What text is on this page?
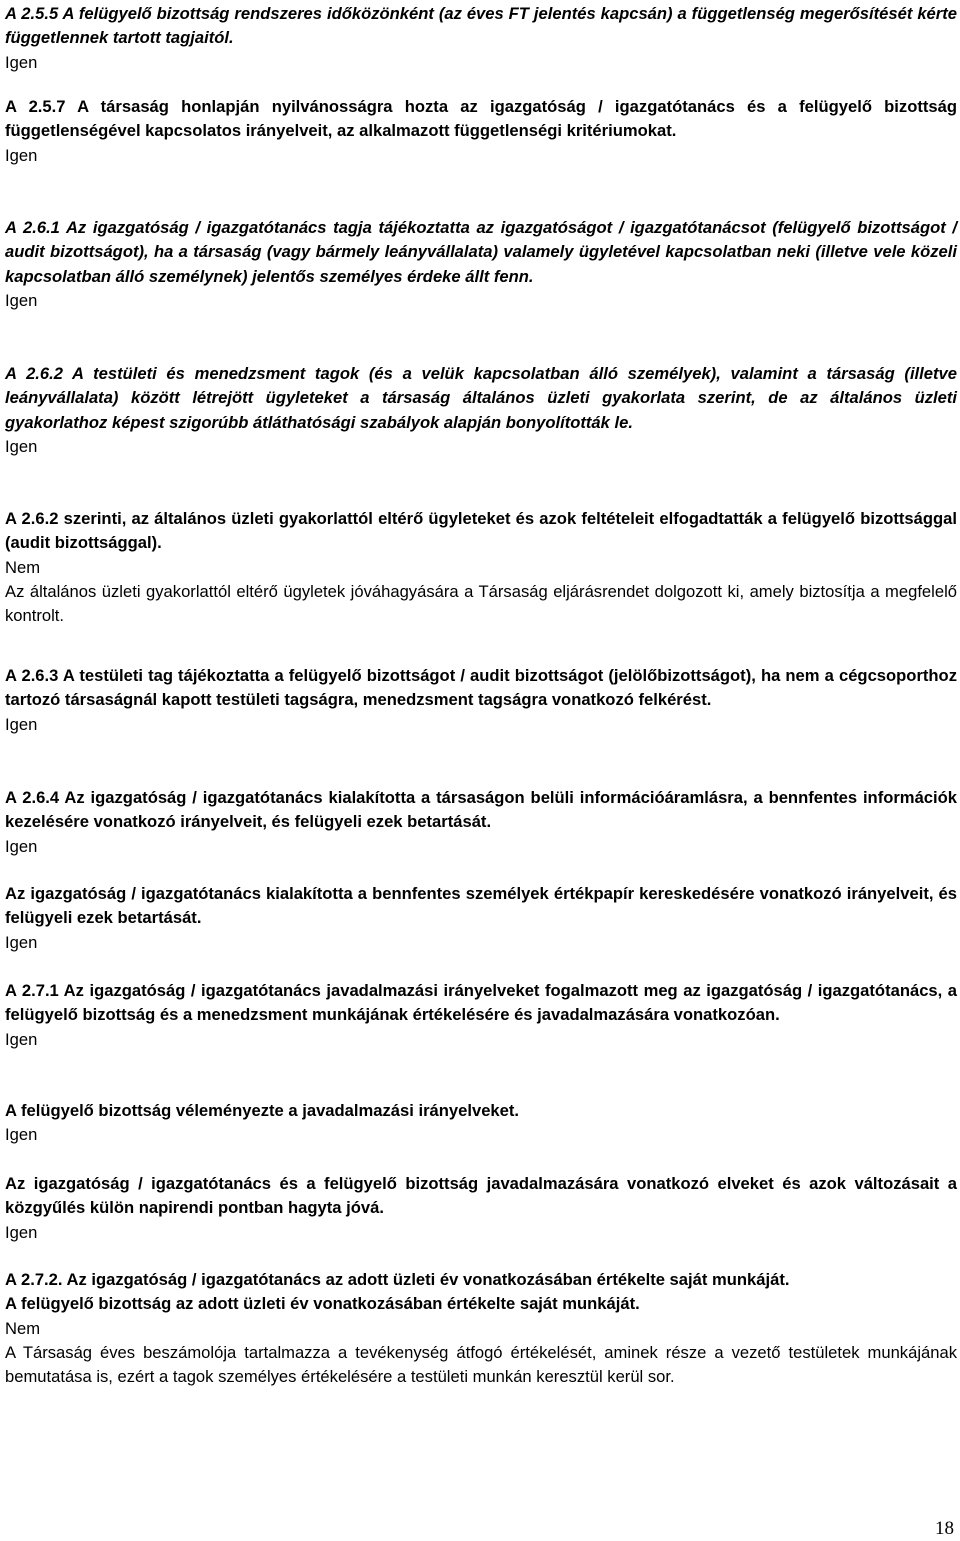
A 2.5.5 A felügyelő bizottság rendszeres időközönként (az éves FT jelentés kapcsán) a függetlenség megerősítését kérte függetlennek tartott tagjaitól.

Igen

A 2.5.7 A társaság honlapján nyilvánosságra hozta az igazgatóság / igazgatótanács és a felügyelő bizottság függetlenségével kapcsolatos irányelveit, az alkalmazott függetlenségi kritériumokat.

Igen

A 2.6.1 Az igazgatóság / igazgatótanács tagja tájékoztatta az igazgatóságot / igazgatótanácsot (felügyelő bizottságot / audit bizottságot), ha a társaság (vagy bármely leányvállalata) valamely ügyletével kapcsolatban neki (illetve vele közeli kapcsolatban álló személynek) jelentős személyes érdeke állt fenn.

Igen

A 2.6.2 A testületi és menedzsment tagok (és a velük kapcsolatban álló személyek), valamint a társaság (illetve leányvállalata) között létrejött ügyleteket a társaság általános üzleti gyakorlata szerint, de az általános üzleti gyakorlathoz képest szigorúbb átláthatósági szabályok alapján bonyolították le.

Igen

A 2.6.2 szerinti, az általános üzleti gyakorlattól eltérő ügyleteket és azok feltételeit elfogadtatták a felügyelő bizottsággal (audit bizottsággal).

Nem

Az általános üzleti gyakorlattól eltérő ügyletek jóváhagyására a Társaság eljárásrendet dolgozott ki, amely biztosítja a megfelelő kontrolt.

A 2.6.3 A testületi tag tájékoztatta a felügyelő bizottságot / audit bizottságot (jelölőbizottságot), ha nem a cégcsoporthoz tartozó társaságnál kapott testületi tagságra, menedzsment tagságra vonatkozó felkérést.

Igen

A 2.6.4 Az igazgatóság / igazgatótanács kialakította a társaságon belüli információáramlásra, a bennfentes információk kezelésére vonatkozó irányelveit, és felügyeli ezek betartását.

Igen

Az igazgatóság / igazgatótanács kialakította a bennfentes személyek értékpapír kereskedésére vonatkozó irányelveit, és felügyeli ezek betartását.

Igen

A 2.7.1 Az igazgatóság / igazgatótanács javadalmazási irányelveket fogalmazott meg az igazgatóság / igazgatótanács, a felügyelő bizottság és a menedzsment munkájának értékelésére és javadalmazására vonatkozóan.

Igen

A felügyelő bizottság véleményezte a javadalmazási irányelveket.

Igen

Az igazgatóság / igazgatótanács és a felügyelő bizottság javadalmazására vonatkozó elveket és azok változásait a közgyűlés külön napirendi pontban hagyta jóvá.

Igen

A 2.7.2. Az igazgatóság / igazgatótanács az adott üzleti év vonatkozásában értékelte saját munkáját.

A felügyelő bizottság az adott üzleti év vonatkozásában értékelte saját munkáját.

Nem

A Társaság éves beszámolója tartalmazza a tevékenység átfogó értékelését, aminek része a vezető testületek munkájának bemutatása is, ezért a tagok személyes értékelésére a testületi munkán keresztül kerül sor.

18
